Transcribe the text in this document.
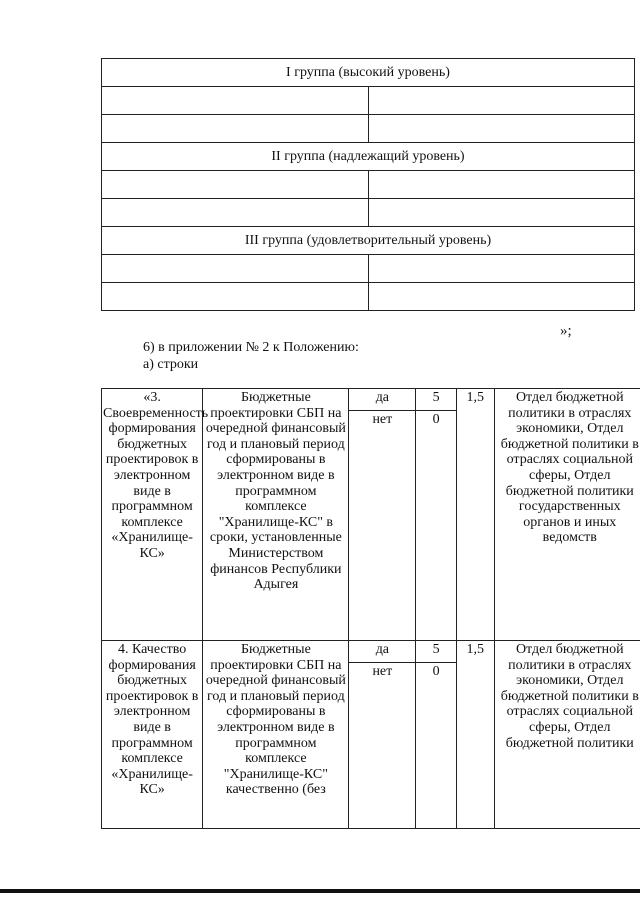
I группа (высокий уровень)	

II группа (надлежащий уровень)	

III группа (удовлетворительный уровень)	

»;
6) в приложении № 2 к Положению:
а) строки
«3. Своевременность формирования бюджетных проектировок в электронном виде в программном комплексе «Хранилище-КС»	Бюджетные проектировки СБП на очередной финансовый год и плановый период сформированы в электронном виде в программном комплексе "Хранилище-КС" в сроки, установленные Министерством финансов Республики Адыгея	да	5	1,5	Отдел бюджетной политики в отраслях экономики, Отдел бюджетной политики в отраслях социальной сферы, Отдел бюджетной политики государственных органов и иных ведомств
		нет	0		
4. Качество формирования бюджетных проектировок в электронном виде в программном комплексе «Хранилище-КС»	Бюджетные проектировки СБП на очередной финансовый год и плановый период сформированы в электронном виде в программном комплексе "Хранилище-КС" качественно (без	да	5	1,5	Отдел бюджетной политики в отраслях экономики, Отдел бюджетной политики в отраслях социальной сферы, Отдел бюджетной политики
		нет	0		
